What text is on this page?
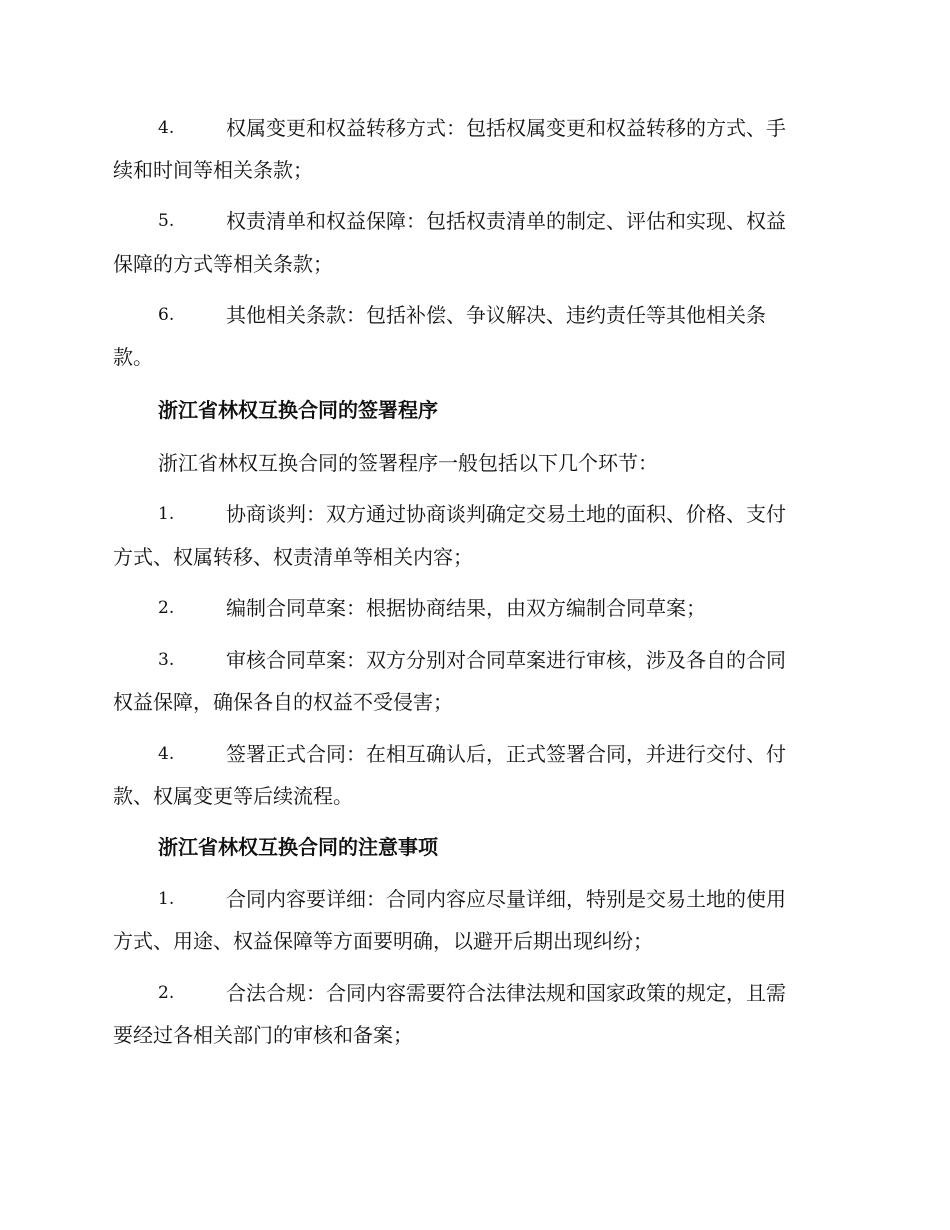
4.	权属变更和权益转移方式：包括权属变更和权益转移的方式、手
续和时间等相关条款；
5.	权责清单和权益保障：包括权责清单的制定、评估和实现、权益
保障的方式等相关条款；
6.	其他相关条款：包括补偿、争议解决、违约责任等其他相关条
款。
浙江省林权互换合同的签署程序
浙江省林权互换合同的签署程序一般包括以下几个环节：
1.	协商谈判：双方通过协商谈判确定交易土地的面积、价格、支付
方式、权属转移、权责清单等相关内容；
2.	编制合同草案：根据协商结果，由双方编制合同草案；
3.	审核合同草案：双方分别对合同草案进行审核，涉及各自的合同
权益保障，确保各自的权益不受侵害；
4.	签署正式合同：在相互确认后，正式签署合同，并进行交付、付
款、权属变更等后续流程。
浙江省林权互换合同的注意事项
1.	合同内容要详细：合同内容应尽量详细，特别是交易土地的使用
方式、用途、权益保障等方面要明确，以避开后期出现纠纷；
2.	合法合规：合同内容需要符合法律法规和国家政策的规定，且需
要经过各相关部门的审核和备案；
